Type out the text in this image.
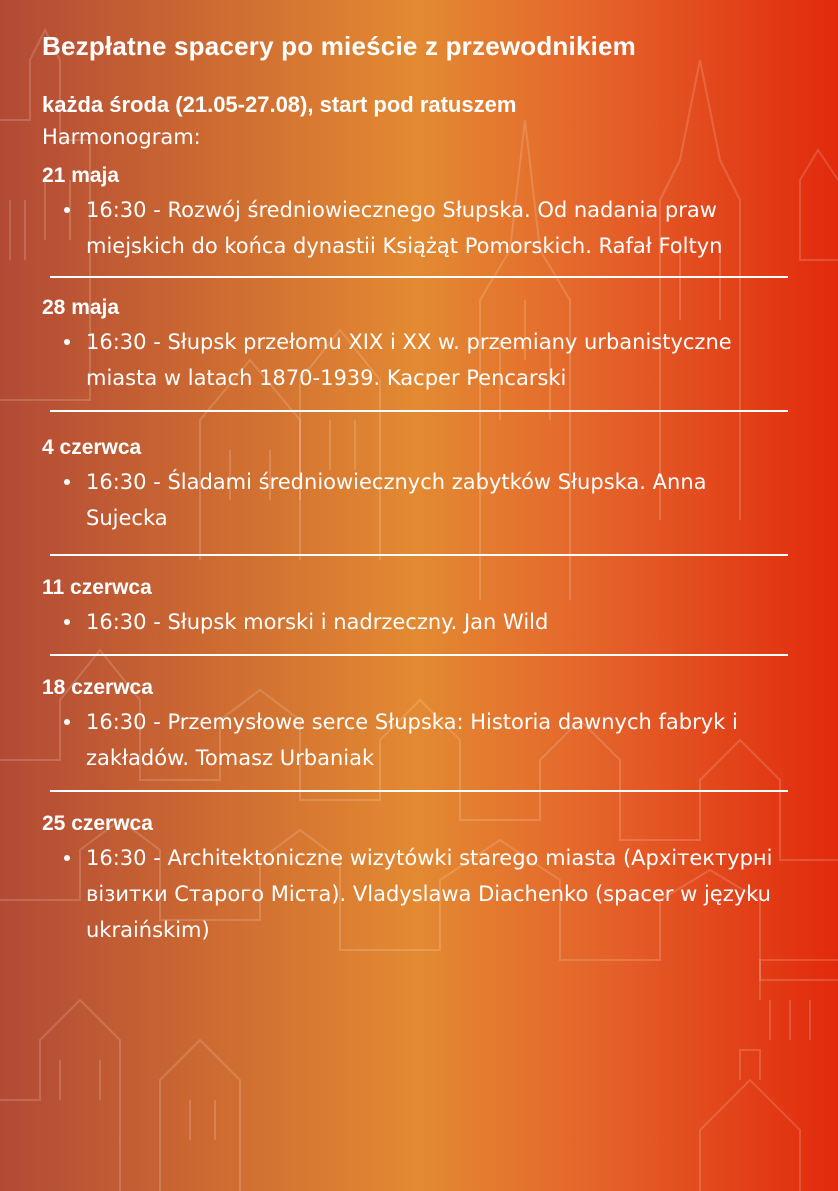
Bezpłatne spacery po mieście z przewodnikiem
każda środa (21.05-27.08), start pod ratuszem
Harmonogram:
21 maja
16:30 - Rozwój średniowiecznego Słupska. Od nadania praw miejskich do końca dynastii Książąt Pomorskich. Rafał Foltyn
28 maja
16:30 - Słupsk przełomu XIX i XX w. przemiany urbanistyczne miasta w latach 1870-1939. Kacper Pencarski
4 czerwca
16:30 - Śladami średniowiecznych zabytków Słupska. Anna Sujecka
11 czerwca
16:30 - Słupsk morski i nadrzeczny. Jan Wild
18 czerwca
16:30 - Przemysłowe serce Słupska: Historia dawnych fabryk i zakładów. Tomasz Urbaniak
25 czerwca
16:30 - Architektoniczne wizytówki starego miasta (Архітектурні візитки Старого Міста). Vladyslawa Diachenko (spacer w języku ukraińskim)
